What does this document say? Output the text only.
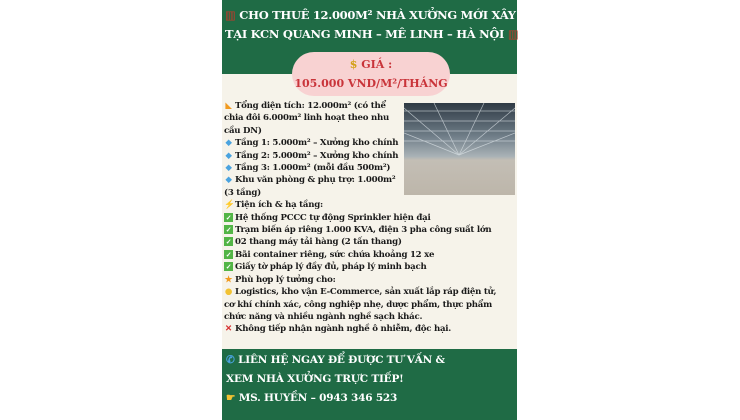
▥ CHO THUÊ 12.000M² NHÀ XƯỞNG MỚI XÂY
TẠI KCN QUANG MINH – MÊ LINH – HÀ NỘI ▥
$ GIÁ :
105.000 VND/M²/THÁNG
◣ Tổng diện tích: 12.000m² (có thể
chia đôi 6.000m² linh hoạt theo nhu
cầu DN)
◆ Tầng 1: 5.000m² – Xưởng kho chính
◆ Tầng 2: 5.000m² – Xưởng kho chính
◆ Tầng 3: 1.000m² (mỗi đầu 500m²)
◆ Khu văn phòng & phụ trợ: 1.000m²
(3 tầng)
⚡Tiện ích & hạ tầng:
✓ Hệ thống PCCC tự động Sprinkler hiện đại
✓ Trạm biến áp riêng 1.000 KVA, điện 3 pha công suất lớn
✓ 02 thang máy tải hàng (2 tấn thang)
✓ Bãi container riêng, sức chứa khoảng 12 xe
✓ Giấy tờ pháp lý đầy đủ, pháp lý minh bạch
★ Phù hợp lý tưởng cho:
● Logistics, kho vận E-Commerce, sản xuất lắp ráp điện tử,
cơ khí chính xác, công nghiệp nhẹ, dược phẩm, thực phẩm
chức năng và nhiều ngành nghề sạch khác.
✕ Không tiếp nhận ngành nghề ô nhiễm, độc hại.
✆ LIÊN HỆ NGAY ĐỂ ĐƯỢC TƯ VẤN &
XEM NHÀ XƯỞNG TRỰC TIẾP!
☛ MS. HUYỀN – 0943 346 523
